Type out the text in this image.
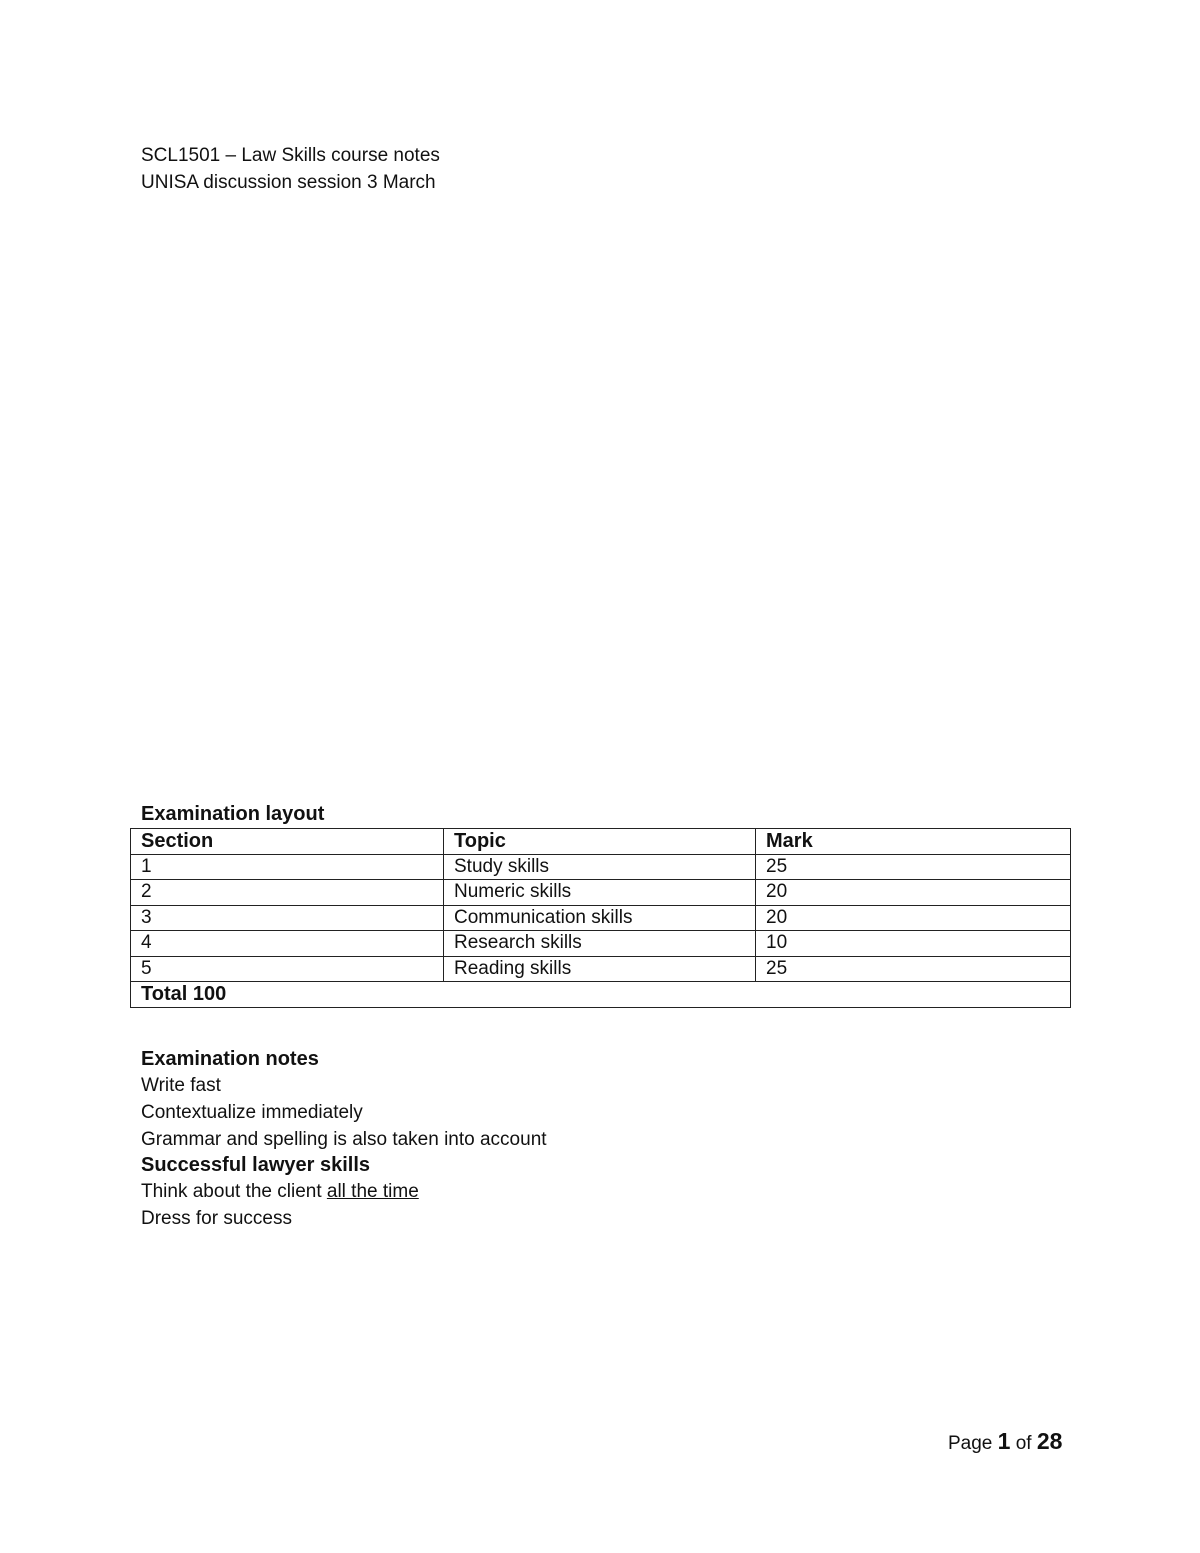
SCL1501 – Law Skills course notes
UNISA discussion session 3 March
Examination layout
Section	Topic	Mark
1	Study skills	25
2	Numeric skills	20
3	Communication skills	20
4	Research skills	10
5	Reading skills	25
Total 100		
Examination notes
Write fast
Contextualize immediately
Grammar and spelling is also taken into account
Successful lawyer skills
Think about the client all the time
Dress for success
Page 1 of 28
